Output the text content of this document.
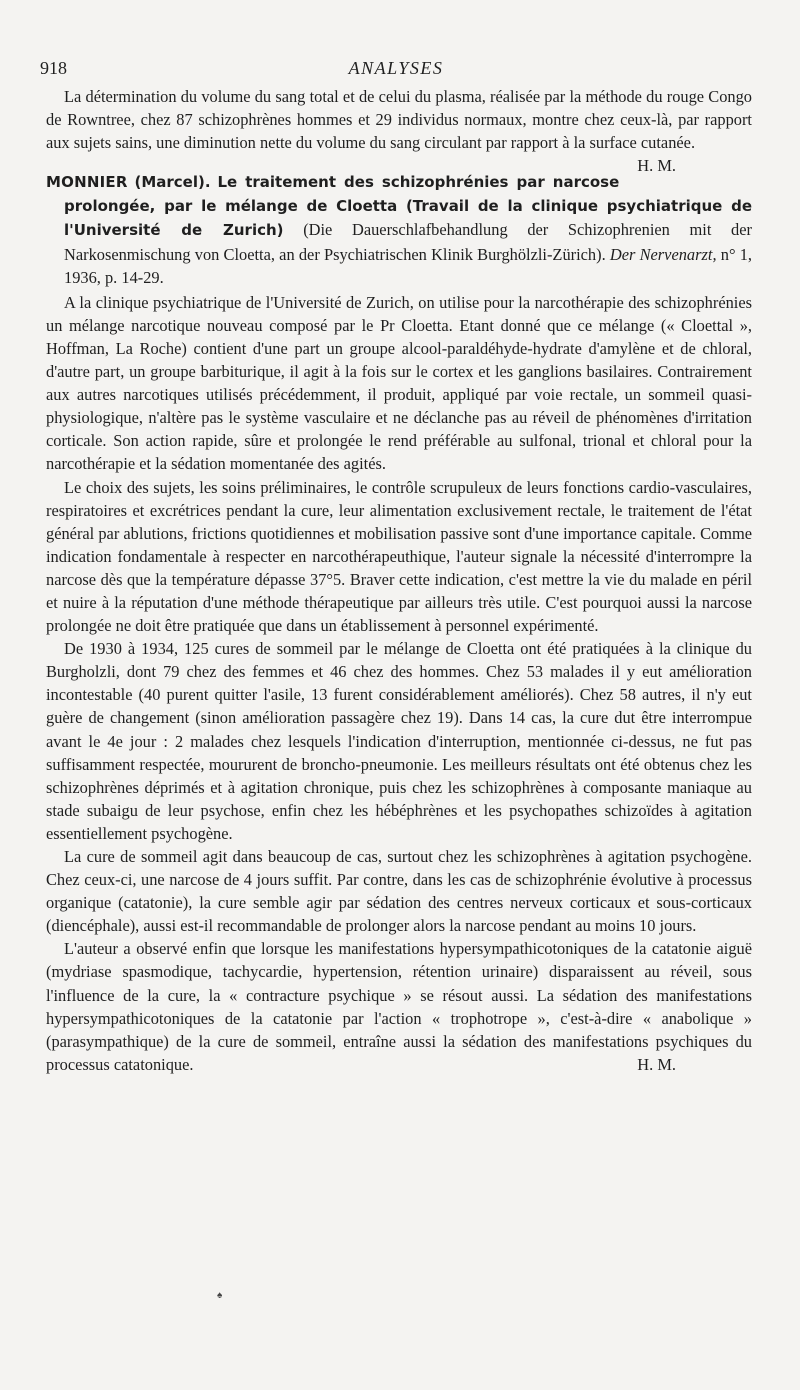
918	ANALYSES

La détermination du volume du sang total et de celui du plasma, réalisée par la méthode du rouge Congo de Rowntree, chez 87 schizophrènes hommes et 29 individus normaux, montre chez ceux-là, par rapport aux sujets sains, une diminution nette du volume du sang circulant par rapport à la surface cutanée.
H. M.

MONNIER (Marcel). Le traitement des schizophrénies par narcose prolongée, par le mélange de Cloetta (Travail de la clinique psychiatrique de l'Université de Zurich) (Die Dauerschlafbehandlung der Schizophrenien mit der Narkosenmischung von Cloetta, an der Psychiatrischen Klinik Burghölzli-Zürich). Der Nervenarzt, n° 1, 1936, p. 14-29.

A la clinique psychiatrique de l'Université de Zurich, on utilise pour la narcothérapie des schizophrénies un mélange narcotique nouveau composé par le Pr Cloetta. Etant donné que ce mélange (« Cloettal », Hoffman, La Roche) contient d'une part un groupe alcool-paraldéhyde-hydrate d'amylène et de chloral, d'autre part, un groupe barbiturique, il agit à la fois sur le cortex et les ganglions basilaires. Contrairement aux autres narcotiques utilisés précédemment, il produit, appliqué par voie rectale, un sommeil quasi-physiologique, n'altère pas le système vasculaire et ne déclanche pas au réveil de phénomènes d'irritation corticale. Son action rapide, sûre et prolongée le rend préférable au sulfonal, trional et chloral pour la narcothérapie et la sédation momentanée des agités.

Le choix des sujets, les soins préliminaires, le contrôle scrupuleux de leurs fonctions cardio-vasculaires, respiratoires et excrétrices pendant la cure, leur alimentation exclusivement rectale, le traitement de l'état général par ablutions, frictions quotidiennes et mobilisation passive sont d'une importance capitale. Comme indication fondamentale à respecter en narcothérapeuthique, l'auteur signale la nécessité d'interrompre la narcose dès que la température dépasse 37°5. Braver cette indication, c'est mettre la vie du malade en péril et nuire à la réputation d'une méthode thérapeutique par ailleurs très utile. C'est pourquoi aussi la narcose prolongée ne doit être pratiquée que dans un établissement à personnel expérimenté.

De 1930 à 1934, 125 cures de sommeil par le mélange de Cloetta ont été pratiquées à la clinique du Burgholzli, dont 79 chez des femmes et 46 chez des hommes. Chez 53 malades il y eut amélioration incontestable (40 purent quitter l'asile, 13 furent considérablement améliorés). Chez 58 autres, il n'y eut guère de changement (sinon amélioration passagère chez 19). Dans 14 cas, la cure dut être interrompue avant le 4e jour : 2 malades chez lesquels l'indication d'interruption, mentionnée ci-dessus, ne fut pas suffisamment respectée, moururent de broncho-pneumonie. Les meilleurs résultats ont été obtenus chez les schizophrènes déprimés et à agitation chronique, puis chez les schizophrènes à composante maniaque au stade subaigu de leur psychose, enfin chez les hébéphrènes et les psychopathes schizoïdes à agitation essentiellement psychogène.

La cure de sommeil agit dans beaucoup de cas, surtout chez les schizophrènes à agitation psychogène. Chez ceux-ci, une narcose de 4 jours suffit. Par contre, dans les cas de schizophrénie évolutive à processus organique (catatonie), la cure semble agir par sédation des centres nerveux corticaux et sous-corticaux (diencéphale), aussi est-il recommandable de prolonger alors la narcose pendant au moins 10 jours.

L'auteur a observé enfin que lorsque les manifestations hypersympathicotoniques de la catatonie aiguë (mydriase spasmodique, tachycardie, hypertension, rétention urinaire) disparaissent au réveil, sous l'influence de la cure, la « contracture psychique » se résout aussi. La sédation des manifestations hypersympathicotoniques de la catatonie par l'action « trophotrope », c'est-à-dire « anabolique » (parasympathique) de la cure de sommeil, entraîne aussi la sédation des manifestations psychiques du processus catatonique.	H. M.

♠
